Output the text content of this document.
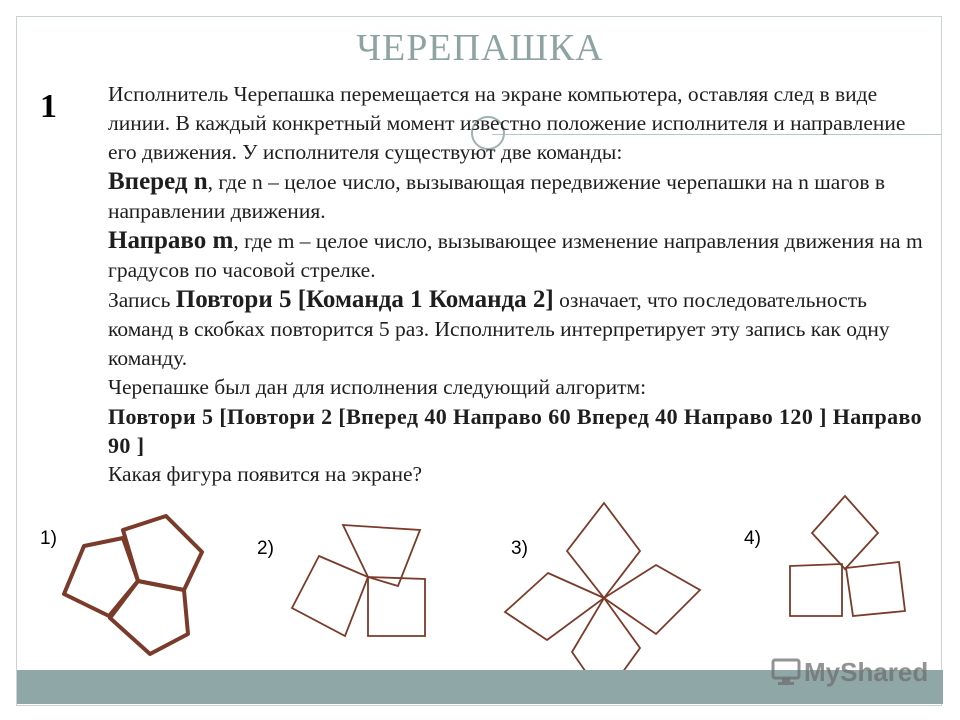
ЧЕРЕПАШКА
1 Исполнитель Черепашка перемещается на экране компьютера, оставляя след в виде линии. В каждый конкретный момент известно положение исполнителя и направление его движения. У исполнителя существуют две команды:

Вперед n, где n – целое число, вызывающая передвижение черепашки на n шагов в направлении движения.

Направо m, где m – целое число, вызывающее изменение направления движения на m градусов по часовой стрелке.

Запись Повтори 5 [Команда 1 Команда 2] означает, что последовательность команд в скобках повторится 5 раз. Исполнитель интерпретирует эту запись как одну команду.

Черепашке был дан для исполнения следующий алгоритм:

Повтори 5 [Повтори 2 [Вперед 40 Направо 60 Вперед 40 Направо 120 ] Направо 90 ]

Какая фигура появится на экране?

1)	2)	3)	4)
MyShared
